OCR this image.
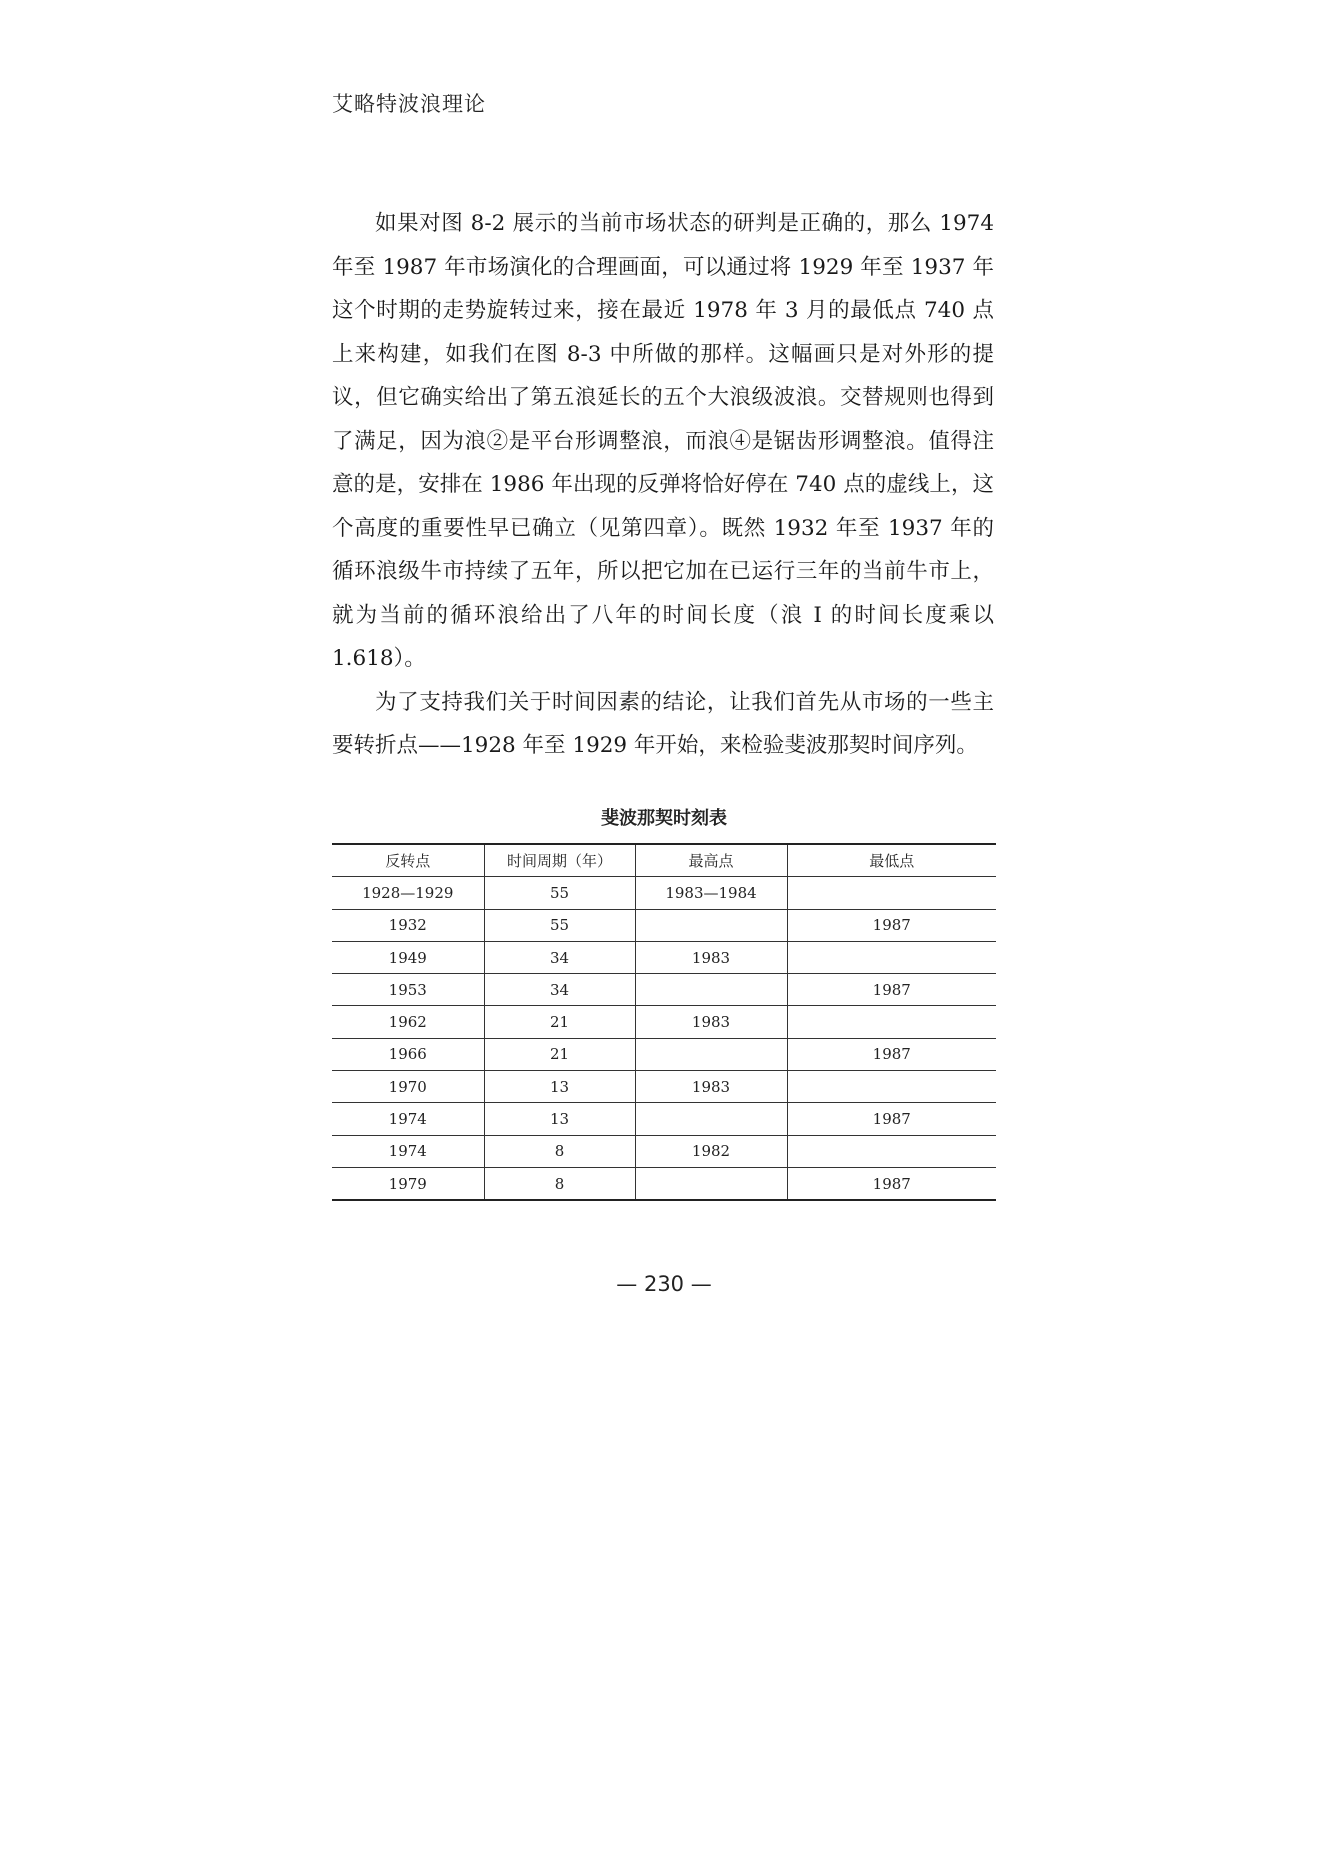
艾略特波浪理论

如果对图 8-2 展示的当前市场状态的研判是正确的，那么 1974 年至 1987 年市场演化的合理画面，可以通过将 1929 年至 1937 年这个时期的走势旋转过来，接在最近 1978 年 3 月的最低点 740 点上来构建，如我们在图 8-3 中所做的那样。这幅画只是对外形的提议，但它确实给出了第五浪延长的五个大浪级波浪。交替规则也得到了满足，因为浪②是平台形调整浪，而浪④是锯齿形调整浪。值得注意的是，安排在 1986 年出现的反弹将恰好停在 740 点的虚线上，这个高度的重要性早已确立（见第四章）。既然 1932 年至 1937 年的循环浪级牛市持续了五年，所以把它加在已运行三年的当前牛市上，就为当前的循环浪给出了八年的时间长度（浪 I 的时间长度乘以 1.618）。

为了支持我们关于时间因素的结论，让我们首先从市场的一些主要转折点——1928 年至 1929 年开始，来检验斐波那契时间序列。

斐波那契时刻表
反转点	时间周期（年）	最高点	最低点
1928—1929	55	1983—1984	
1932	55		1987
1949	34	1983	
1953	34		1987
1962	21	1983	
1966	21		1987
1970	13	1983	
1974	13		1987
1974	8	1982	
1979	8		1987
— 230 —
